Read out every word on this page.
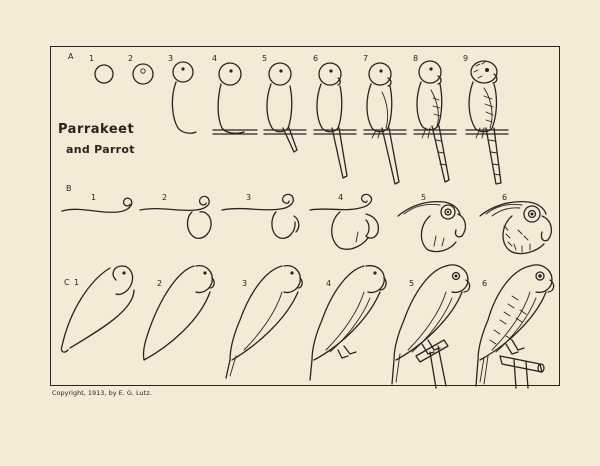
Parrakeet
and Parrot
A
B
C
1	2	3	4	5	6	7	8	9
1	2	3	4	5	6
1	2	3	4	5	6
Copyright, 1913, by E. G. Lutz.
